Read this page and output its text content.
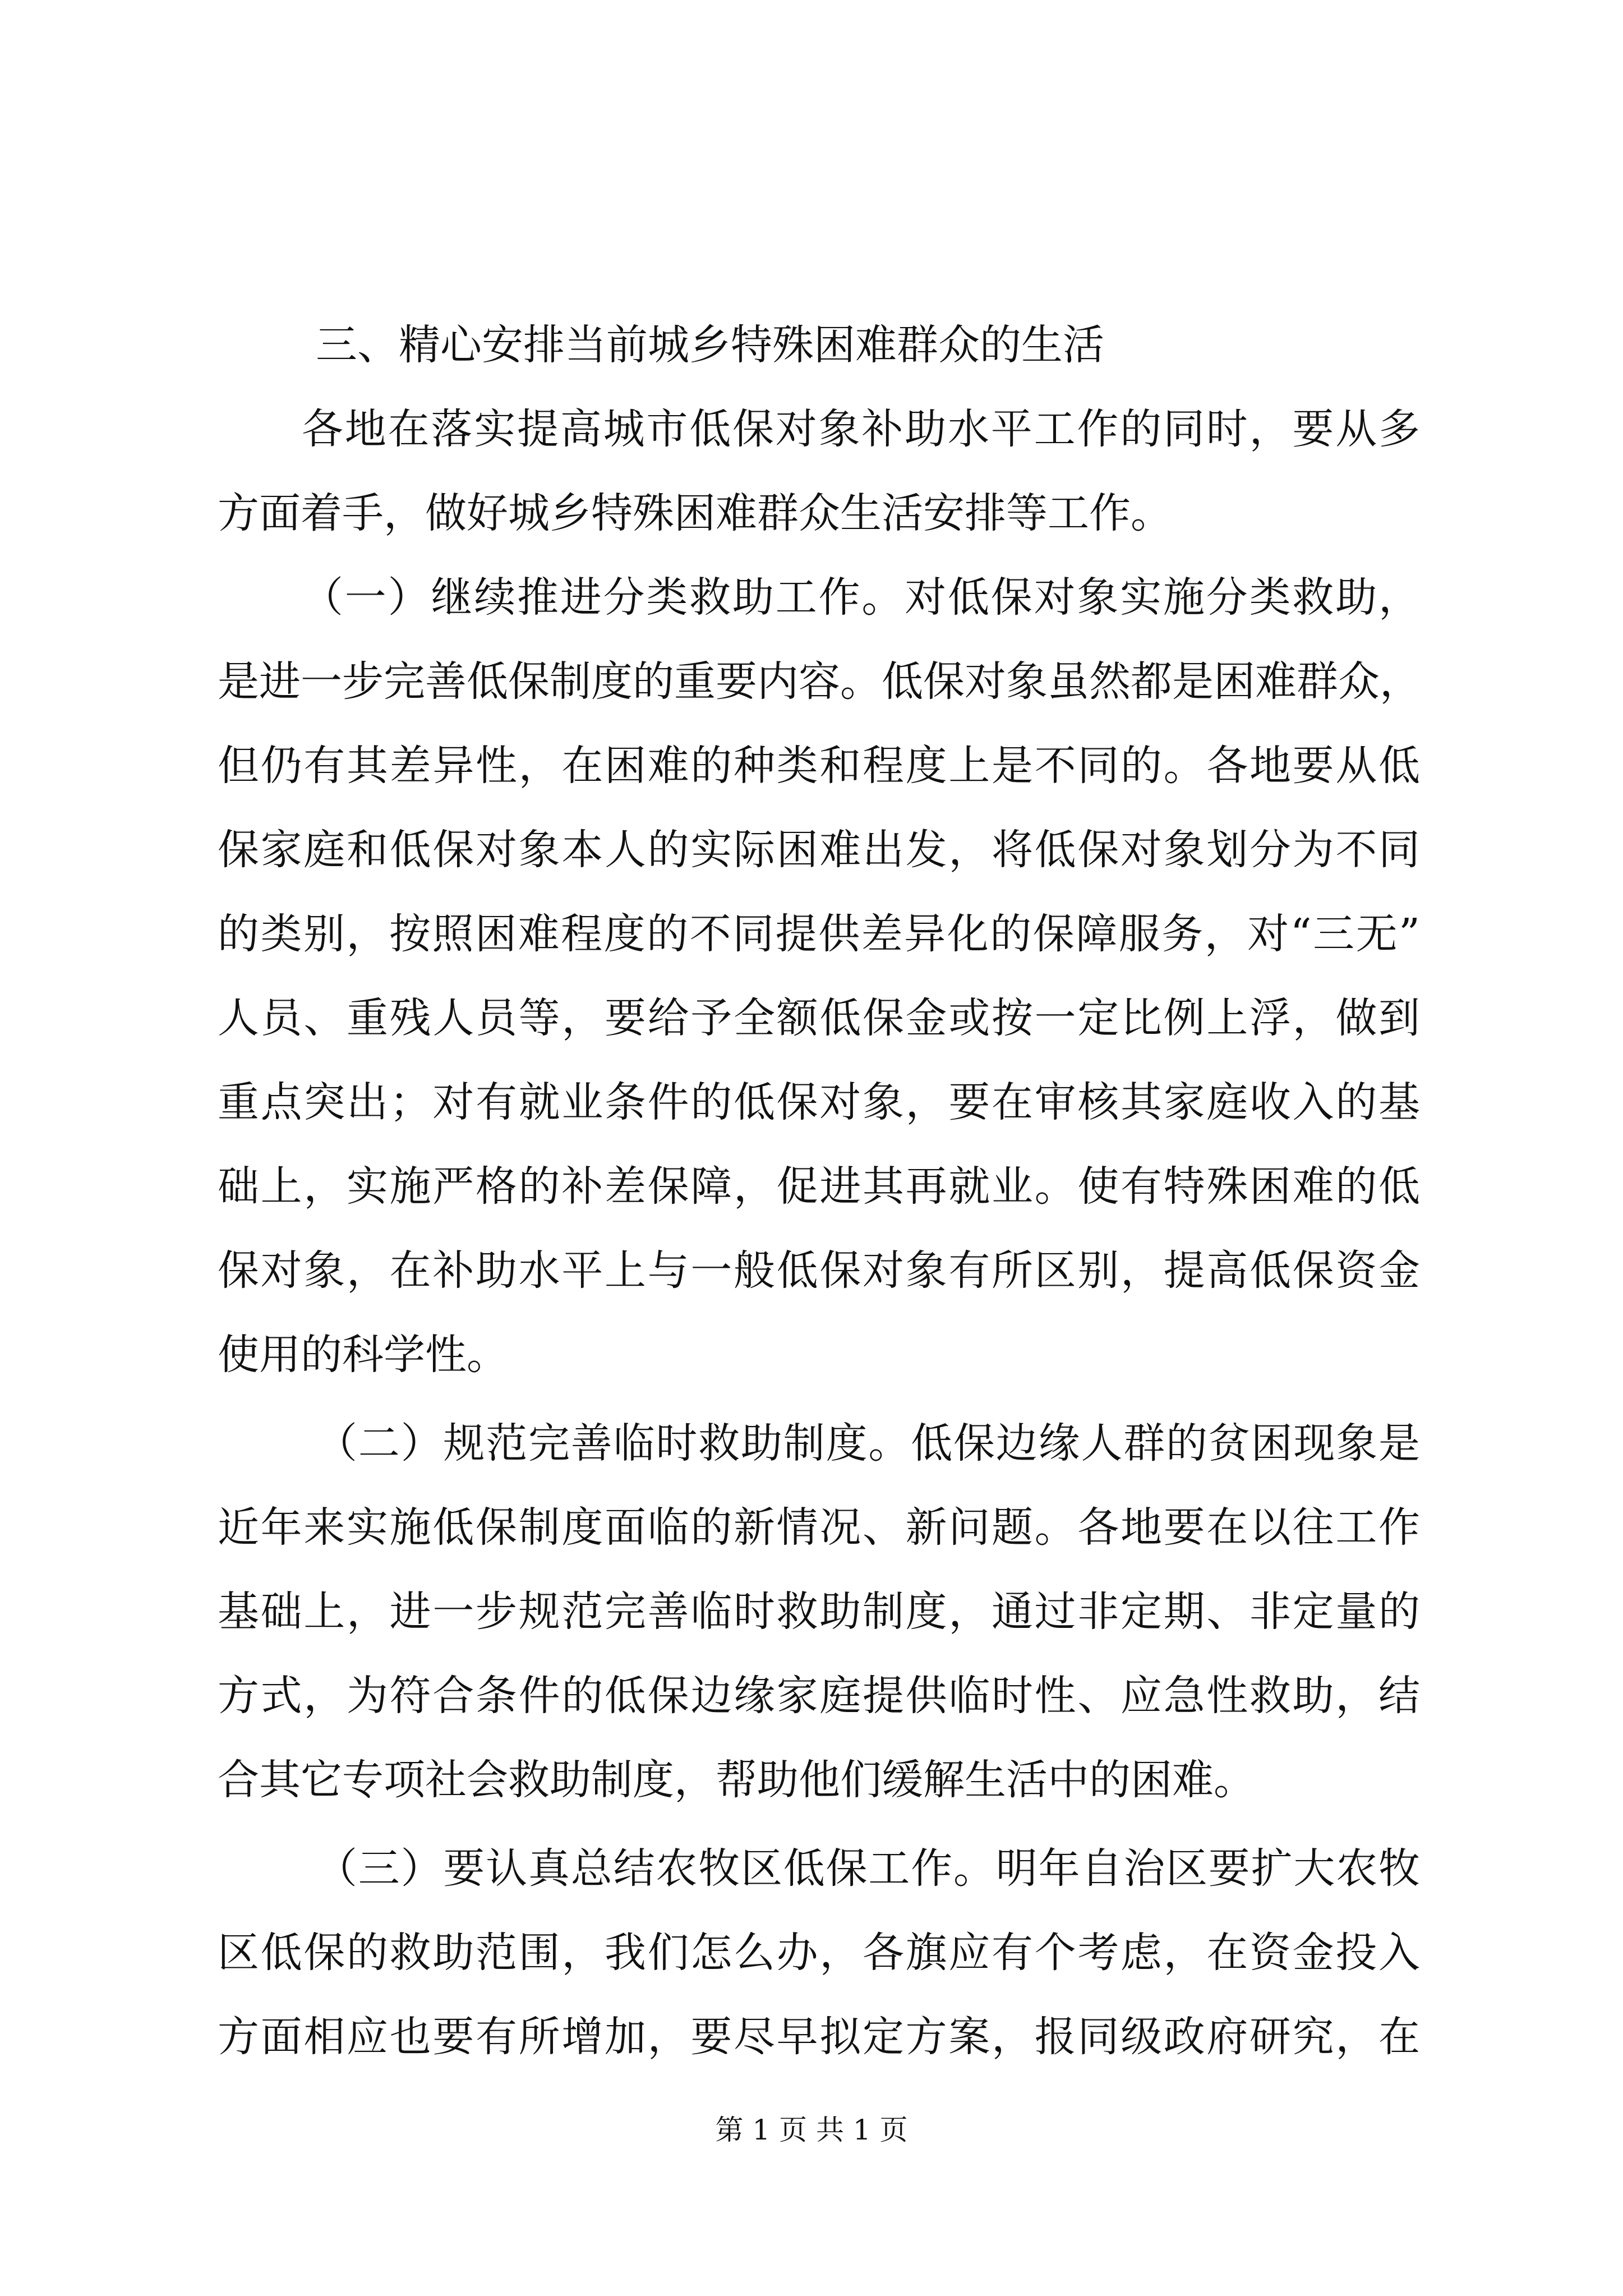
三、精心安排当前城乡特殊困难群众的生活
各地在落实提高城市低保对象补助水平工作的同时，要从多
方面着手，做好城乡特殊困难群众生活安排等工作。
（一）继续推进分类救助工作。对低保对象实施分类救助，
是进一步完善低保制度的重要内容。低保对象虽然都是困难群众，
但仍有其差异性，在困难的种类和程度上是不同的。各地要从低
保家庭和低保对象本人的实际困难出发，将低保对象划分为不同
的类别，按照困难程度的不同提供差异化的保障服务，对“三无”
人员、重残人员等，要给予全额低保金或按一定比例上浮，做到
重点突出；对有就业条件的低保对象，要在审核其家庭收入的基
础上，实施严格的补差保障，促进其再就业。使有特殊困难的低
保对象，在补助水平上与一般低保对象有所区别，提高低保资金
使用的科学性。
（二）规范完善临时救助制度。低保边缘人群的贫困现象是
近年来实施低保制度面临的新情况、新问题。各地要在以往工作
基础上，进一步规范完善临时救助制度，通过非定期、非定量的
方式，为符合条件的低保边缘家庭提供临时性、应急性救助，结
合其它专项社会救助制度，帮助他们缓解生活中的困难。
（三）要认真总结农牧区低保工作。明年自治区要扩大农牧
区低保的救助范围，我们怎么办，各旗应有个考虑，在资金投入
方面相应也要有所增加，要尽早拟定方案，报同级政府研究，在
第 1 页 共 1 页
